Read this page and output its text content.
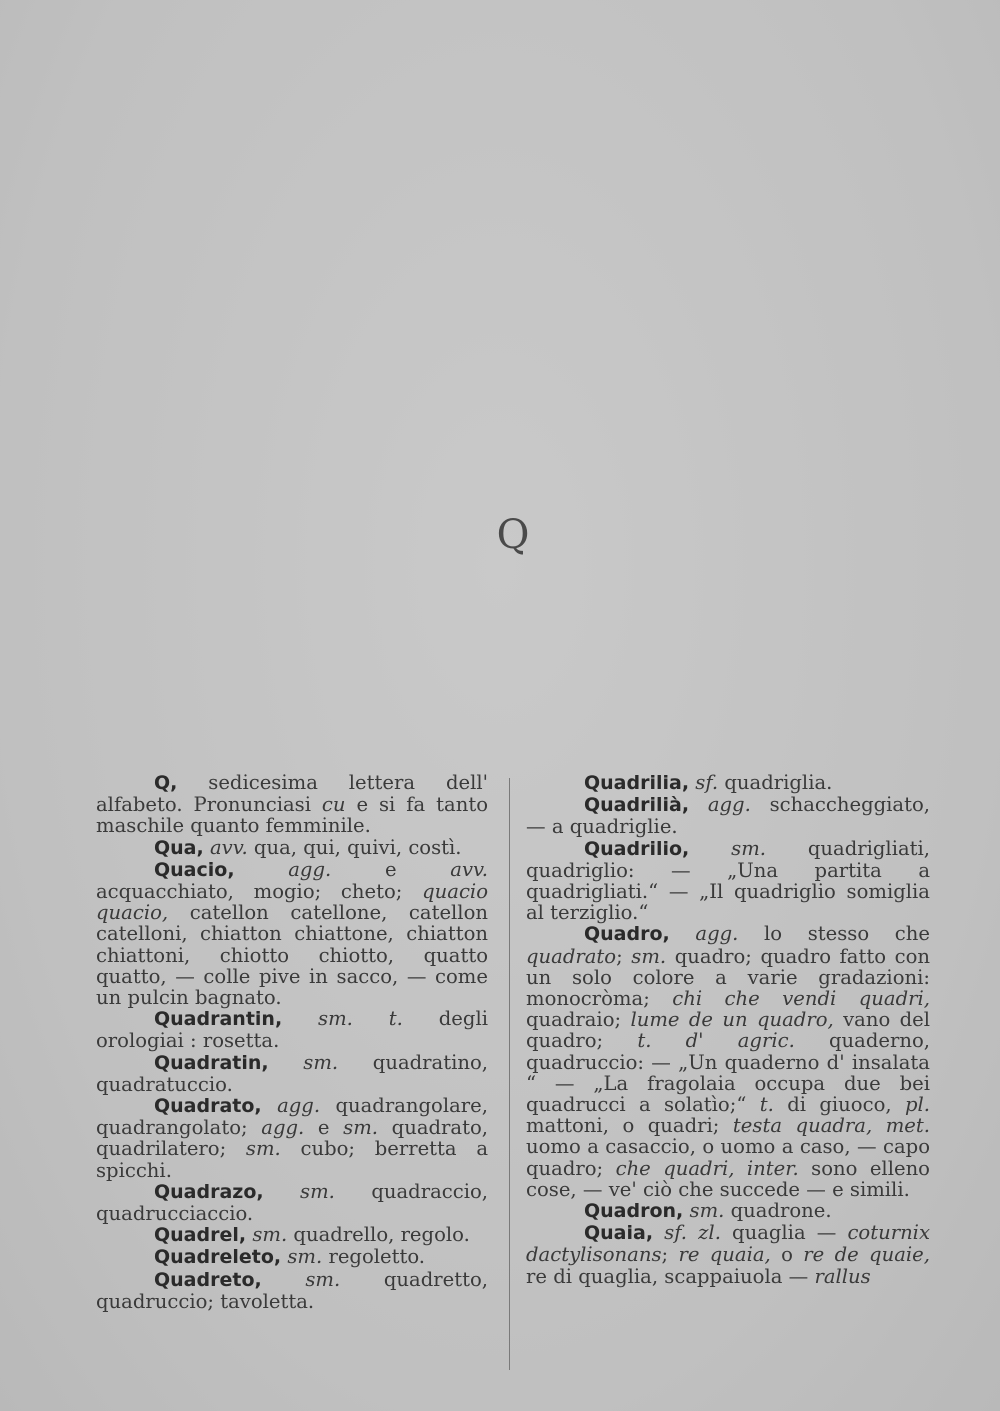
Q

Q, sedicesima lettera dell' alfabeto. Pronunciasi cu e si fa tanto maschile quanto femminile.

Qua, avv. qua, qui, quivi, costì.

Quacio,	agg. e avv. acquacchiato, mogio; cheto; quacio quacio, catellon catellone, catellon catelloni, chiatton chiattone, chiatton chiattoni, chiotto chiotto, quatto quatto, — colle pive in sacco, — come un pulcin bagnato.

Quadrantin, sm. t. degli orologiai : rosetta.

Quadratin, sm. quadratino, quadratuccio.

Quadrato, agg. quadrangolare, quadrangolato; agg. e sm. quadrato, quadrilatero; sm. cubo; berretta a spicchi.

Quadrazo, sm. quadraccio, quadrucciaccio.

Quadrel, sm. quadrello, regolo.

Quadreleto, sm. regoletto.

Quadreto, sm. quadretto, quadruccio; tavoletta.

Quadrilia, sf. quadriglia.

Quadrilià, agg. schaccheggiato, — a quadriglie.

Quadrilio, sm. quadrigliati, quadriglio: — „Una partita a quadrigliati.“ — „Il quadriglio somiglia al terziglio.“

Quadro, agg. lo stesso che quadrato; sm. quadro; quadro fatto con un solo colore a varie gradazioni: monocròma; chi che vendi quadri, quadraio; lume de un quadro, vano del quadro; t. d' agric. quaderno, quadruccio: — „Un quaderno d' insalata “ — „La fragolaia occupa due bei quadrucci a solatìo;“ t. di giuoco, pl. mattoni, o quadri; testa quadra, met. uomo a casaccio, o uomo a caso, — capo quadro; che quadri, inter. sono elleno cose, — ve' ciò che succede — e simili.

Quadron, sm. quadrone.

Quaia, sf. zl. quaglia — coturnix dactylisonans; re quaia, o re de quaie, re di quaglia, scappaiuola — rallus
